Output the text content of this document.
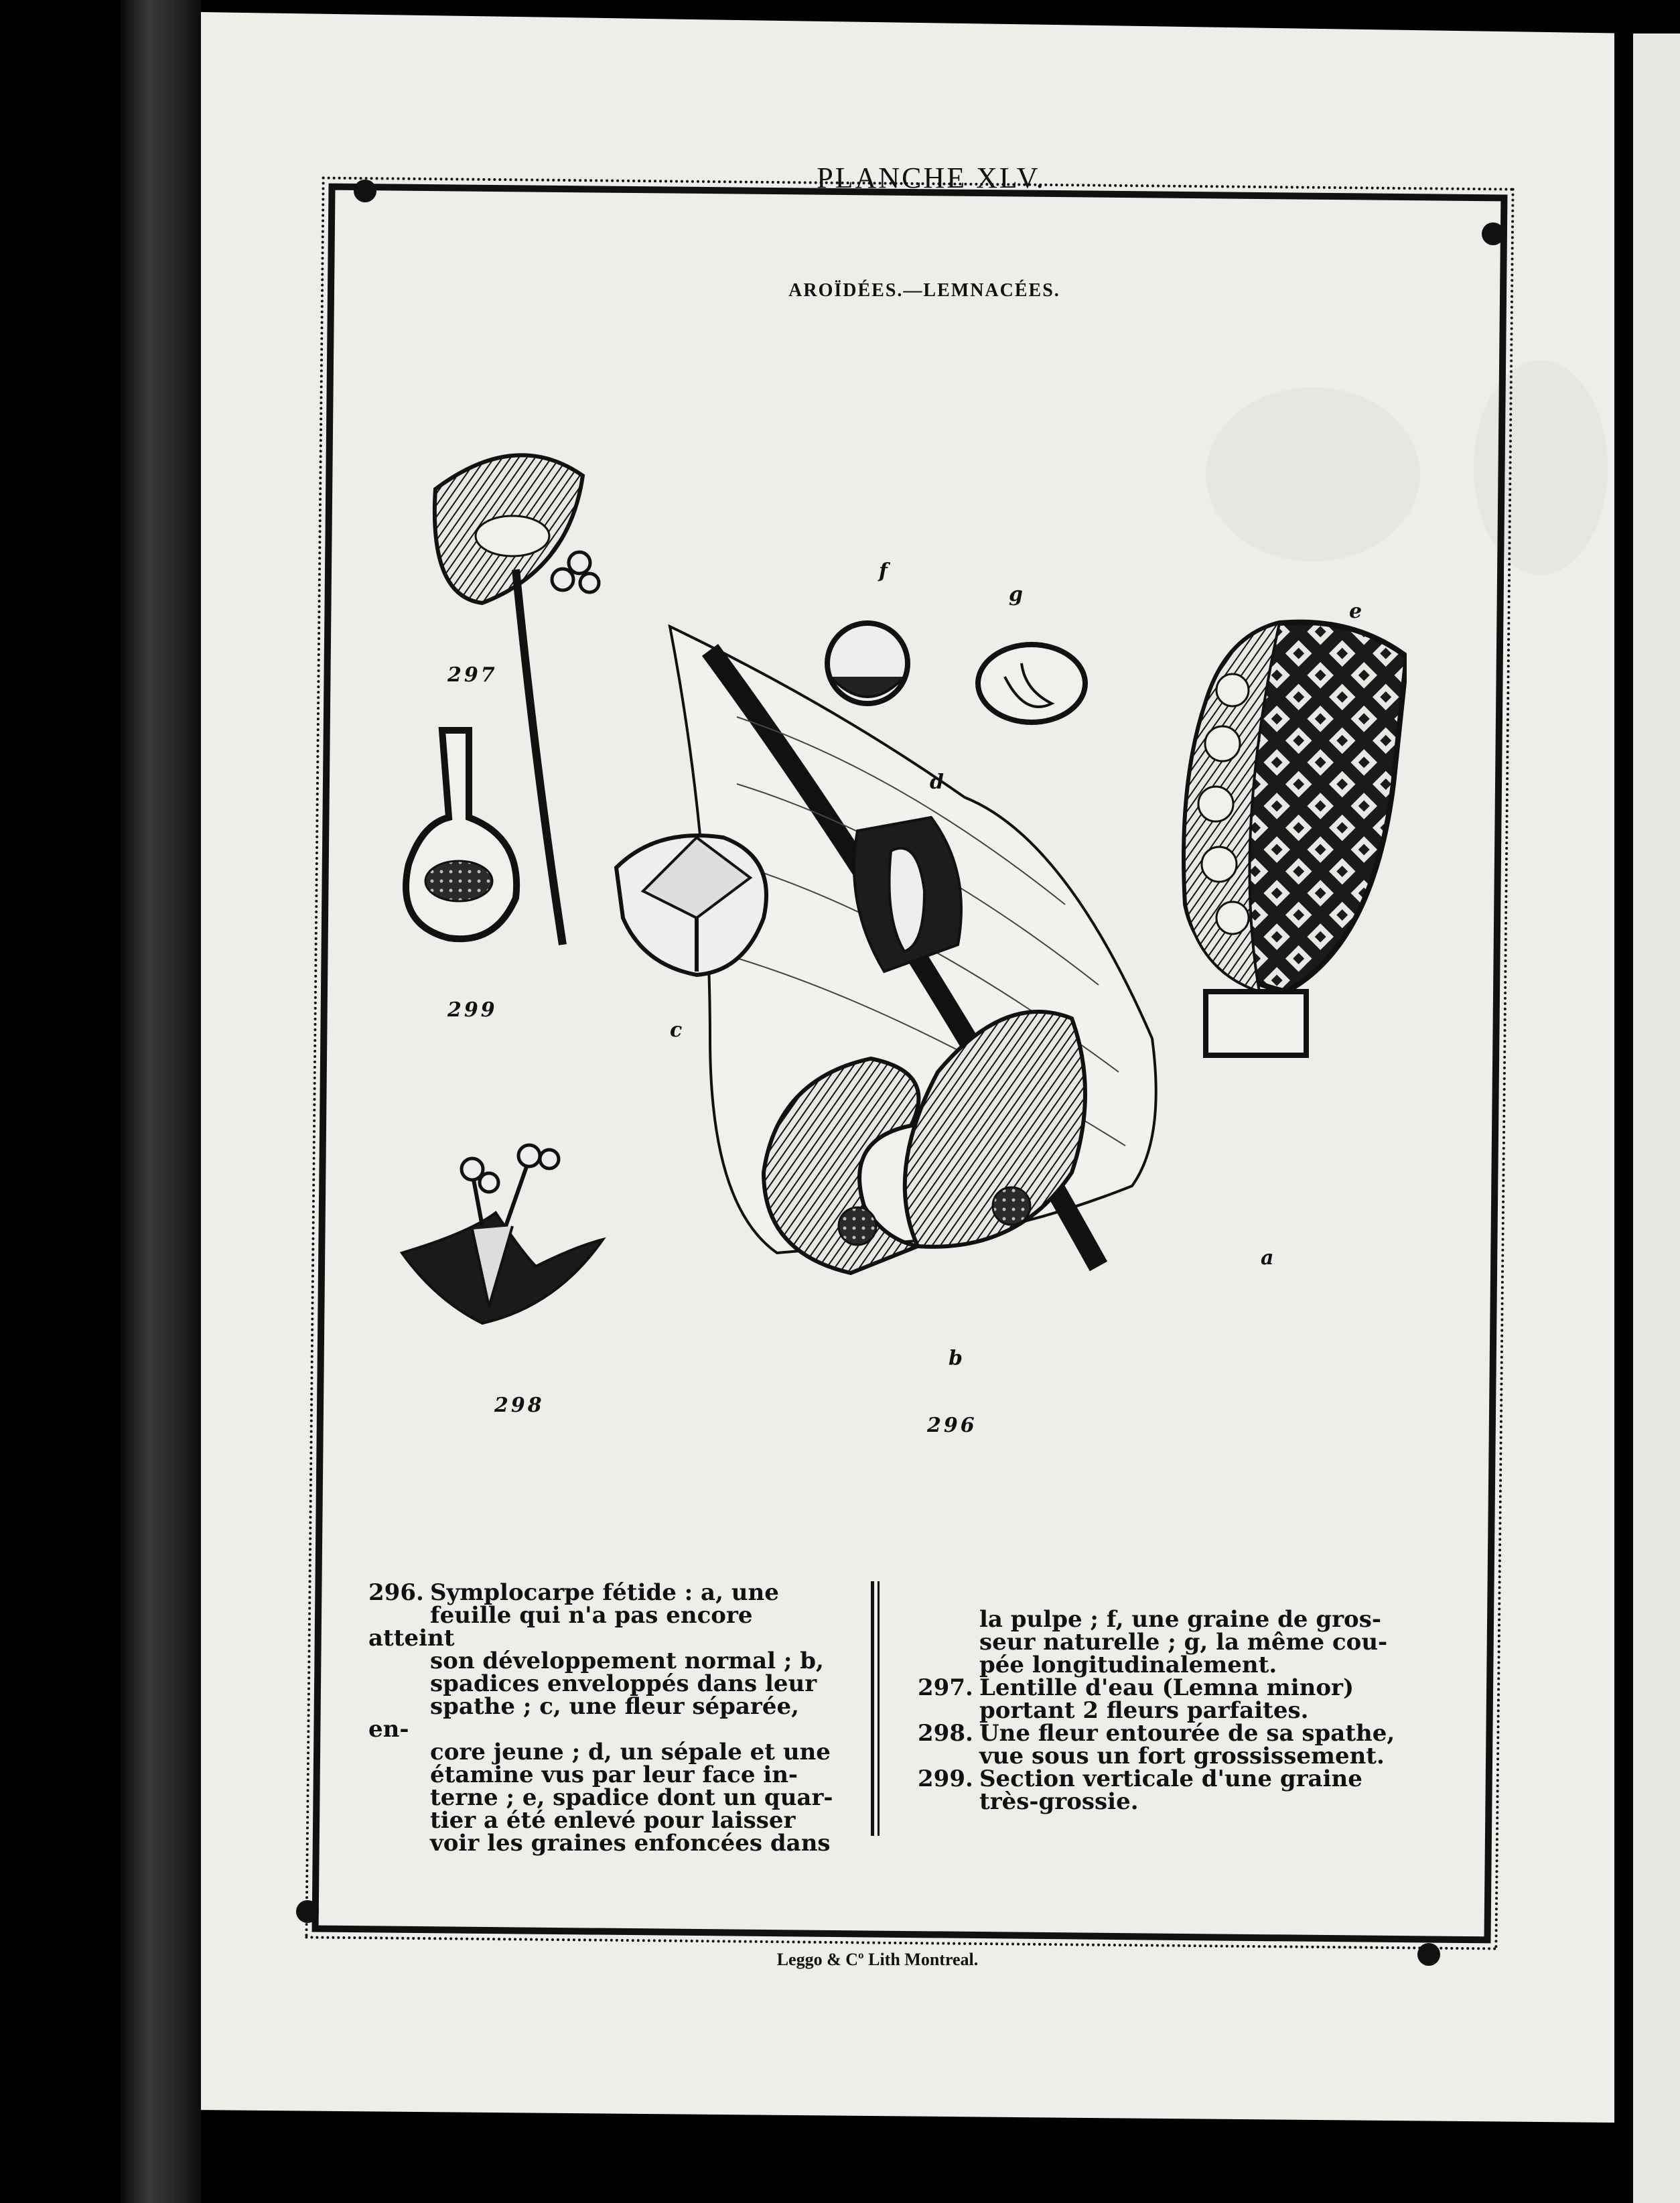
PLANCHE XLV.
AROÏDÉES.—LEMNACÉES.
297
299
298
296
a
b
c
d
e
f
g

296. Symplocarpe fétide : a, une

feuille qui n'a pas encore atteint

son développement normal ; b,

spadices enveloppés dans leur

spathe ; c, une fleur séparée, en-

core jeune ; d, un sépale et une

étamine vus par leur face in-

terne ; e, spadice dont un quar-

tier a été enlevé pour laisser

voir les graines enfoncées dans

la pulpe ; f, une graine de gros-

seur naturelle ; g, la même cou-

pée longitudinalement.

297. Lentille d'eau (Lemna minor)

portant 2 fleurs parfaites.

298. Une fleur entourée de sa spathe,

vue sous un fort grossissement.

299. Section verticale d'une graine

très-grossie.

Leggo & Cº Lith Montreal.
